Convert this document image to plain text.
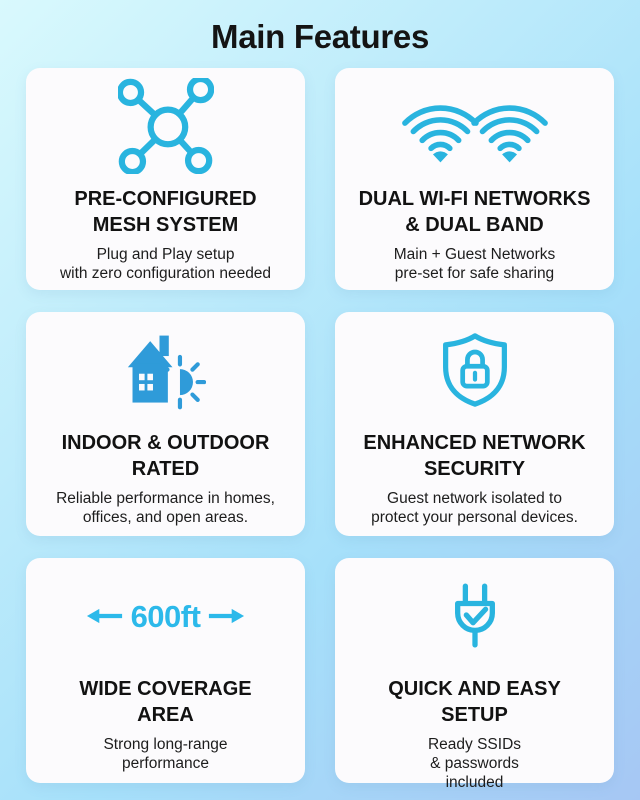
Main Features
PRE-CONFIGURED
MESH SYSTEM

Plug and Play setup
with zero configuration needed

DUAL WI-FI NETWORKS
& DUAL BAND

Main + Guest Networks
pre-set for safe sharing

INDOOR & OUTDOOR
RATED

Reliable performance in homes,
offices, and open areas.

ENHANCED NETWORK
SECURITY

Guest network isolated to
protect your personal devices.

600ft
WIDE COVERAGE
AREA

Strong long-range
performance

QUICK AND EASY
SETUP

Ready SSIDs
& passwords
included
